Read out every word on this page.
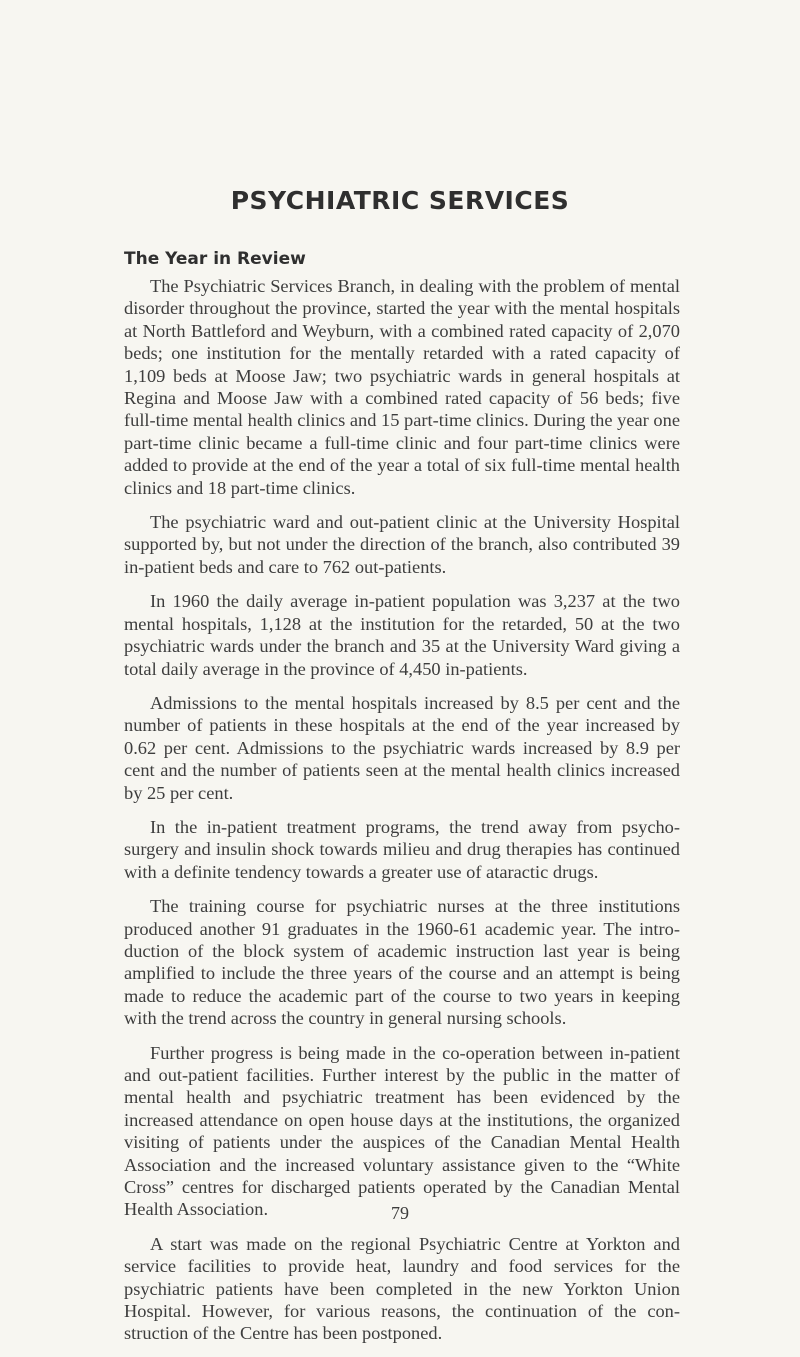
PSYCHIATRIC SERVICES
The Year in Review

The Psychiatric Services Branch, in dealing with the problem of mental disorder throughout the province, started the year with the mental hospitals at North Battleford and Weyburn, with a combined rated capacity of 2,070 beds; one institution for the mentally retarded with a rated capacity of 1,109 beds at Moose Jaw; two psychiatric wards in general hospitals at Regina and Moose Jaw with a combined rated capacity of 56 beds; five full-time mental health clinics and 15 part-time clinics. During the year one part-time clinic became a full-time clinic and four part-time clinics were added to provide at the end of the year a total of six full-time mental health clinics and 18 part-time clinics.

The psychiatric ward and out-patient clinic at the University Hospital supported by, but not under the direction of the branch, also contributed 39 in-patient beds and care to 762 out-patients.

In 1960 the daily average in-patient population was 3,237 at the two mental hospitals, 1,128 at the institution for the retarded, 50 at the two psychiatric wards under the branch and 35 at the University Ward giving a total daily average in the province of 4,450 in-patients.

Admissions to the mental hospitals increased by 8.5 per cent and the number of patients in these hospitals at the end of the year increased by 0.62 per cent. Admissions to the psychiatric wards increased by 8.9 per cent and the number of patients seen at the mental health clinics increased by 25 per cent.

In the in-patient treatment programs, the trend away from psycho-surgery and insulin shock towards milieu and drug therapies has continued with a definite tendency towards a greater use of ataractic drugs.

The training course for psychiatric nurses at the three institutions produced another 91 graduates in the 1960-61 academic year. The intro-duction of the block system of academic instruction last year is being amplified to include the three years of the course and an attempt is being made to reduce the academic part of the course to two years in keeping with the trend across the country in general nursing schools.

Further progress is being made in the co-operation between in-patient and out-patient facilities. Further interest by the public in the matter of mental health and psychiatric treatment has been evidenced by the increased attendance on open house days at the institutions, the organized visiting of patients under the auspices of the Canadian Mental Health Association and the increased voluntary assistance given to the “White Cross” centres for discharged patients operated by the Canadian Mental Health Association.

A start was made on the regional Psychiatric Centre at Yorkton and service facilities to provide heat, laundry and food services for the psychiatric patients have been completed in the new Yorkton Union Hospital. However, for various reasons, the continuation of the con-struction of the Centre has been postponed.

79
